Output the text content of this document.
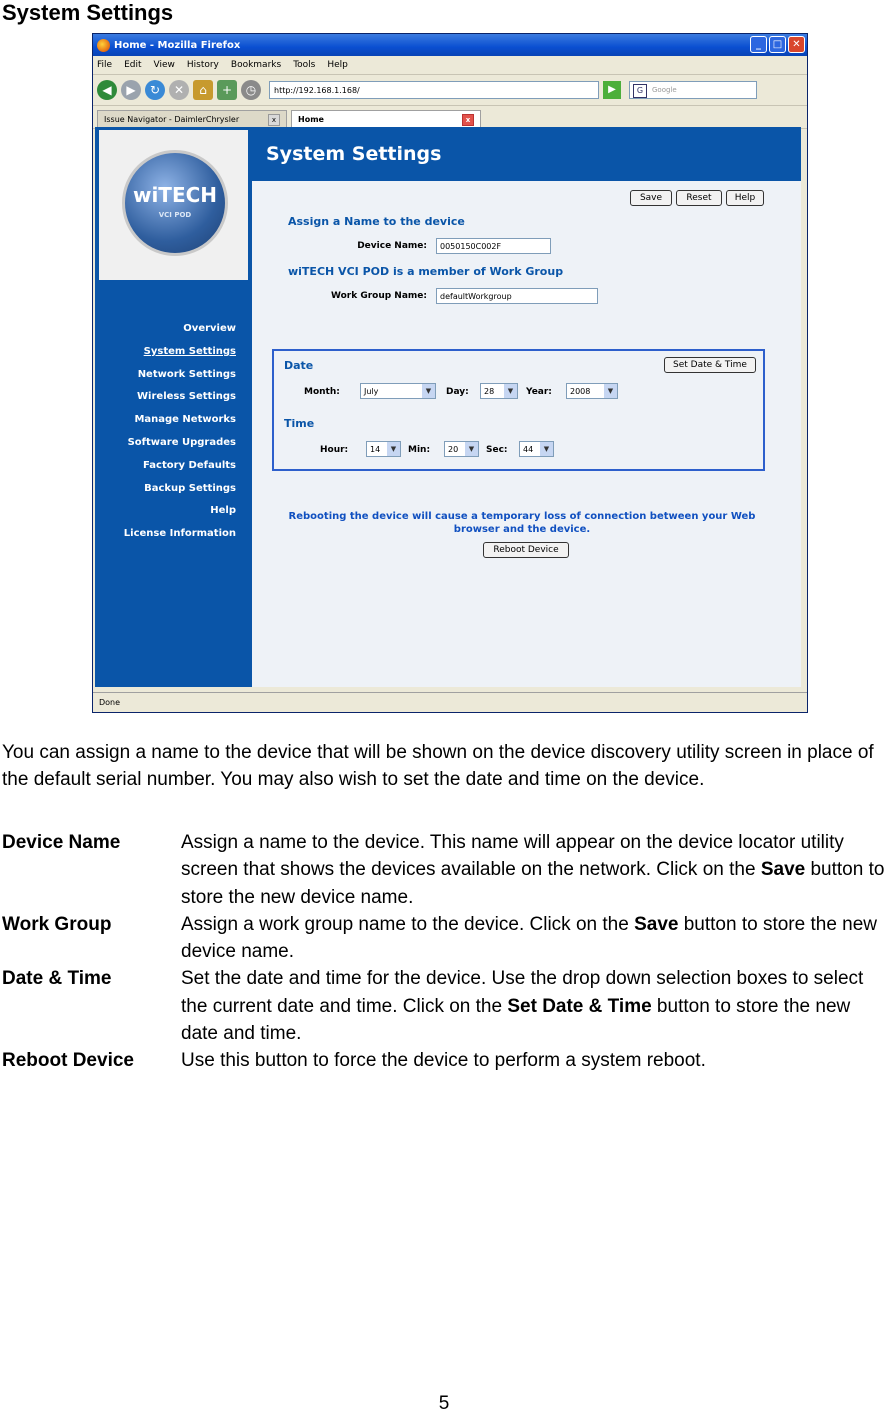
System Settings
Home - Mozilla Firefox	_	□	✕
File Edit View History Bookmarks Tools Help
◀	▶	↻	✕	⌂	+	◷	http://192.168.1.168/	▶	G	Google
Issue Navigator - DaimlerChrysler	x	Home	x
wiTECH
VCI POD
Overview
System Settings
Network Settings
Wireless Settings
Manage Networks
Software Upgrades
Factory Defaults
Backup Settings
Help
License Information
System Settings
Save	Reset	Help
Assign a Name to the device
Device Name:	0050150C002F
wiTECH VCI POD is a member of Work Group
Work Group Name:	defaultWorkgroup
Set Date & Time
Date
Month:	July	▼	Day:	28	▼	Year:	2008	▼
Time
Hour:	14	▼	Min:	20	▼	Sec:	44	▼
Rebooting the device will cause a temporary loss of connection between your Web browser and the device.
Reboot Device
Done
You can assign a name to the device that will be shown on the device discovery utility screen in place of the default serial number. You may also wish to set the date and time on the device.
Device Name	Assign a name to the device. This name will appear on the device locator utility screen that shows the devices available on the network. Click on the Save button to store the new device name.
Work Group	Assign a work group name to the device. Click on the Save button to store the new device name.
Date & Time	Set the date and time for the device. Use the drop down selection boxes to select the current date and time. Click on the Set Date & Time button to store the new date and time.
Reboot Device	Use this button to force the device to perform a system reboot.
5
